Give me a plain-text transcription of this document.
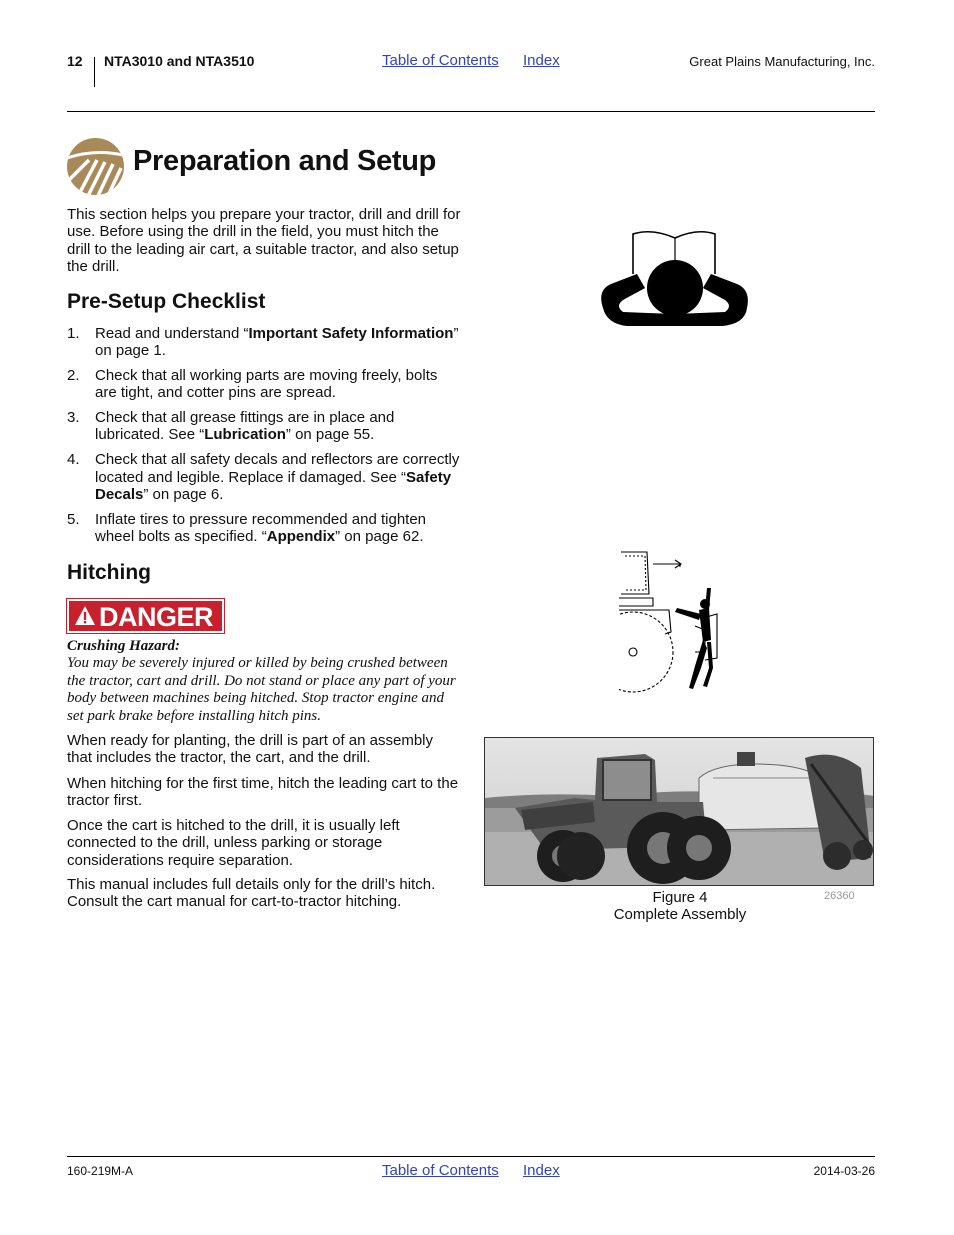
12 NTA3010 and NTA3510	Table of Contents Index	Great Plains Manufacturing, Inc.
Preparation and Setup
This section helps you prepare your tractor, drill and drill for use. Before using the drill in the field, you must hitch the drill to the leading air cart, a suitable tractor, and also setup the drill.
Pre-Setup Checklist
1. Read and understand “Important Safety Information” on page 1.
2. Check that all working parts are moving freely, bolts are tight, and cotter pins are spread.
3. Check that all grease fittings are in place and lubricated. See “Lubrication” on page 55.
4. Check that all safety decals and reflectors are correctly located and legible. Replace if damaged. See “Safety Decals” on page 6.
5. Inflate tires to pressure recommended and tighten wheel bolts as specified. “Appendix” on page 62.
Hitching
DANGER
Crushing Hazard:
You may be severely injured or killed by being crushed between the tractor, cart and drill. Do not stand or place any part of your body between machines being hitched. Stop tractor engine and set park brake before installing hitch pins.
When ready for planting, the drill is part of an assembly that includes the tractor, the cart, and the drill.
When hitching for the first time, hitch the leading cart to the tractor first.
Once the cart is hitched to the drill, it is usually left connected to the drill, unless parking or storage considerations require separation.
This manual includes full details only for the drill’s hitch. Consult the cart manual for cart-to-tractor hitching.	Figure 4
Complete Assembly
26360
160-219M-A	Table of Contents Index	2014-03-26
